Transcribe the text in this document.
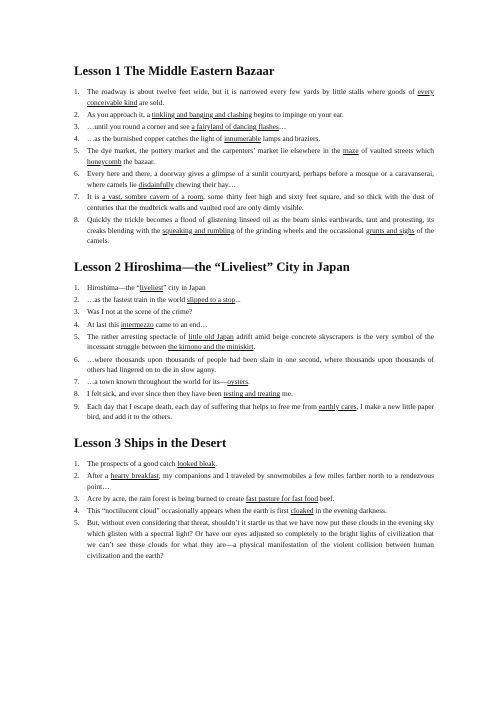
Lesson 1 The Middle Eastern Bazaar
1.	The roadway is about twelve feet wide, but it is narrowed every few yards by little stalls where goods of every conceivable kind are sold.
2.	As you approach it, a tinkling and banging and clashing begins to impinge on your ear.
3.	…until you round a corner and see a fairyland of dancing flashes…
4.	…as the burnished copper catches the light of innumerable lamps and braziers.
5.	The dye market, the pottery market and the carpenters’ market lie elsewhere in the maze of vaulted streets which honeycomb the bazaar.
6.	Every here and there, a doorway gives a glimpse of a sunlit courtyard, perhaps before a mosque or a caravanserai, where camels lie disdainfully chewing their hay…
7.	It is a vast, sombre cavern of a room, some thirty feet high and sixty feet square, and so thick with the dust of centuries that the mudbrick walls and vaulted roof are only dimly visible.
8.	Quickly the trickle becomes a flood of glistening linseed oil as the beam sinks earthwards, taut and protesting, its creaks blending with the squeaking and rumbling of the grinding wheels and the occassional grunts and sighs of the camels.
Lesson 2 Hiroshima—the “Liveliest” City in Japan
1.	Hiroshima—the “liveliest” city in Japan
2.	…as the fastest train in the world slipped to a stop...
3.	Was I not at the scene of the crime?
4.	At last this intermezzo came to an end…
5.	The rather arresting spectacle of little old Japan adrift amid beige concrete skyscrapers is the very symbol of the incessant struggle between the kimono and the miniskirt.
6.	…where thousands upon thousands of people had been slain in one second, where thousands upon thousands of others had lingered on to die in slow agony.
7.	…a town known throughout the world for its—oysters.
8.	I felt sick, and ever since then they have been testing and treating me.
9.	Each day that I escape death, each day of suffering that helps to free me from earthly cares, I make a new little paper bird, and add it to the others.
Lesson 3 Ships in the Desert
1.	The prospects of a good catch looked bleak.
2.	After a hearty breakfast, my companions and I traveled by snowmobiles a few miles farther north to a rendezvous point…
3.	Acre by acre, the rain forest is being burned to create fast pasture for fast food beef.
4.	This “noctilucent cloud” occasionally appears when the earth is first cloaked in the evening darkness.
5.	But, without even considering that threat, shouldn’t it startle us that we have now put these clouds in the evening sky which glisten with a spectral light? Or have our eyes adjusted so completely to the bright lights of civilization that we can’t see these clouds for what they are—a physical manifestation of the violent collision between human civilization and the earth?
